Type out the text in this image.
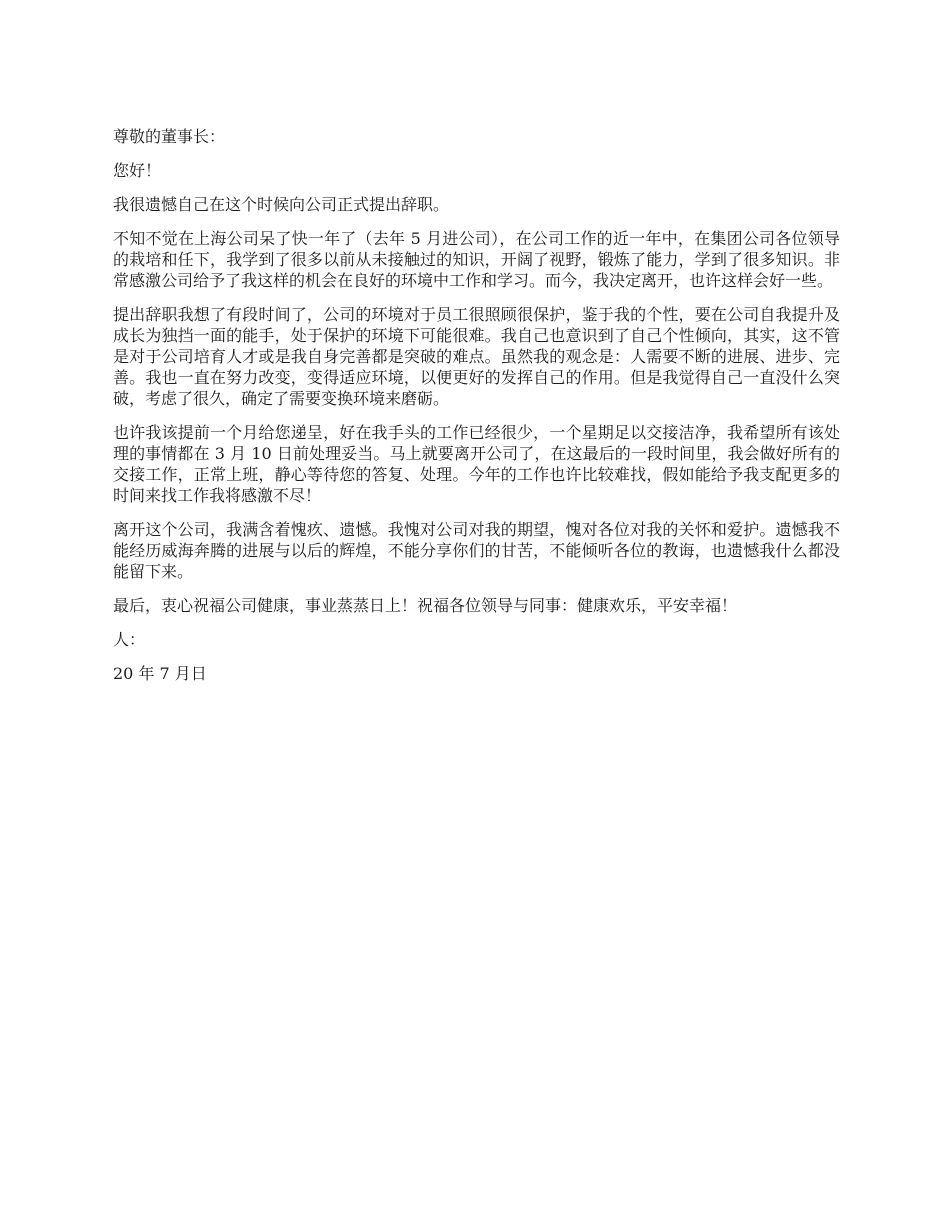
尊敬的董事长：

您好！

我很遗憾自己在这个时候向公司正式提出辞职。

不知不觉在上海公司呆了快一年了（去年 5 月进公司），在公司工作的近一年中，在集团公司各位领导的栽培和任下，我学到了很多以前从未接触过的知识，开阔了视野，锻炼了能力，学到了很多知识。非常感激公司给予了我这样的机会在良好的环境中工作和学习。而今，我决定离开，也许这样会好一些。

提出辞职我想了有段时间了，公司的环境对于员工很照顾很保护，鉴于我的个性，要在公司自我提升及成长为独挡一面的能手，处于保护的环境下可能很难。我自己也意识到了自己个性倾向，其实，这不管是对于公司培育人才或是我自身完善都是突破的难点。虽然我的观念是：人需要不断的进展、进步、完善。我也一直在努力改变，变得适应环境，以便更好的发挥自己的作用。但是我觉得自己一直没什么突破，考虑了很久，确定了需要变换环境来磨砺。

也许我该提前一个月给您递呈，好在我手头的工作已经很少，一个星期足以交接洁净，我希望所有该处理的事情都在 3 月 10 日前处理妥当。马上就要离开公司了，在这最后的一段时间里，我会做好所有的交接工作，正常上班，静心等待您的答复、处理。今年的工作也许比较难找，假如能给予我支配更多的时间来找工作我将感激不尽！

离开这个公司，我满含着愧疚、遗憾。我愧对公司对我的期望，愧对各位对我的关怀和爱护。遗憾我不能经历威海奔腾的进展与以后的辉煌，不能分享你们的甘苦，不能倾听各位的教诲，也遗憾我什么都没能留下来。

最后，衷心祝福公司健康，事业蒸蒸日上！祝福各位领导与同事：健康欢乐，平安幸福！

人：

20 年 7 月日
